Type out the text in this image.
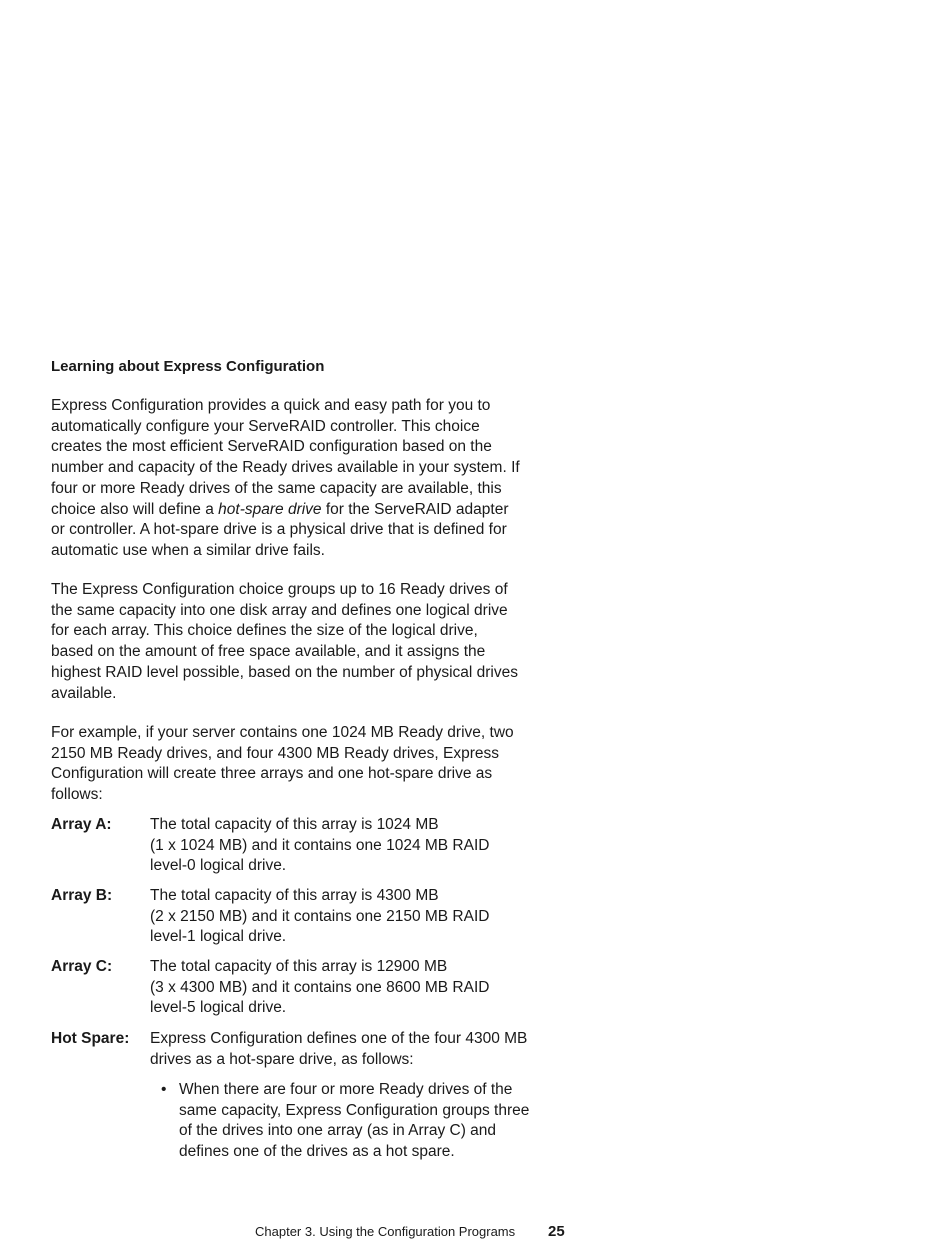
Learning about Express Configuration
Express Configuration provides a quick and easy path for you to
automatically configure your ServeRAID controller. This choice
creates the most efficient ServeRAID configuration based on the
number and capacity of the Ready drives available in your system. If
four or more Ready drives of the same capacity are available, this
choice also will define a hot-spare drive for the ServeRAID adapter
or controller. A hot-spare drive is a physical drive that is defined for
automatic use when a similar drive fails.
The Express Configuration choice groups up to 16 Ready drives of
the same capacity into one disk array and defines one logical drive
for each array. This choice defines the size of the logical drive,
based on the amount of free space available, and it assigns the
highest RAID level possible, based on the number of physical drives
available.
For example, if your server contains one 1024 MB Ready drive, two
2150 MB Ready drives, and four 4300 MB Ready drives, Express
Configuration will create three arrays and one hot-spare drive as
follows:
Array A: The total capacity of this array is 1024 MB
(1 x 1024 MB) and it contains one 1024 MB RAID
level-0 logical drive.
Array B: The total capacity of this array is 4300 MB
(2 x 2150 MB) and it contains one 2150 MB RAID
level-1 logical drive.
Array C: The total capacity of this array is 12900 MB
(3 x 4300 MB) and it contains one 8600 MB RAID
level-5 logical drive.
Hot Spare: Express Configuration defines one of the four 4300 MB
drives as a hot-spare drive, as follows:
• When there are four or more Ready drives of the
same capacity, Express Configuration groups three
of the drives into one array (as in Array C) and
defines one of the drives as a hot spare.
Chapter 3. Using the Configuration Programs 25
